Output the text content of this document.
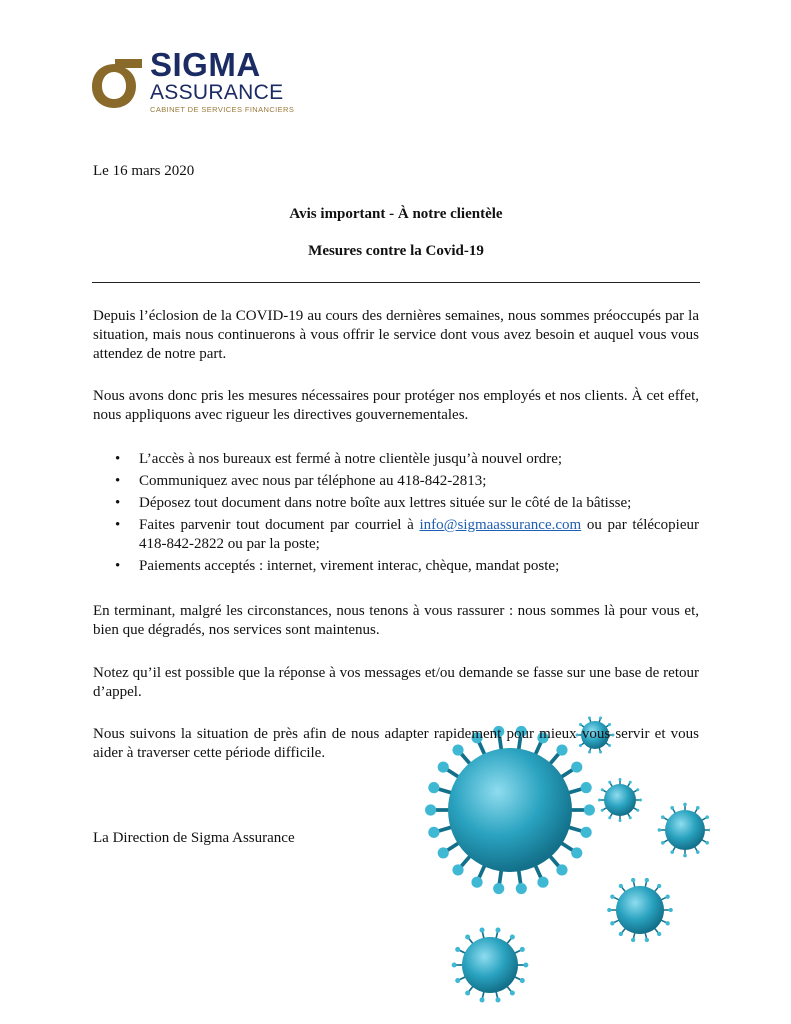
SIGMA
ASSURANCE
CABINET DE SERVICES FINANCIERS
Le 16 mars 2020
Avis important - À notre clientèle
Mesures contre la Covid-19

Depuis l’éclosion de la COVID-19 au cours des dernières semaines, nous sommes préoccupés par la situation, mais nous continuerons à vous offrir le service dont vous avez besoin et auquel vous vous attendez de notre part.

Nous avons donc pris les mesures nécessaires pour protéger nos employés et nos clients. À cet effet, nous appliquons avec rigueur les directives gouvernementales.

• L’accès à nos bureaux est fermé à notre clientèle jusqu’à nouvel ordre;
• Communiquez avec nous par téléphone au 418-842-2813;
• Déposez tout document dans notre boîte aux lettres située sur le côté de la bâtisse;
• Faites parvenir tout document par courriel à info@sigmaassurance.com ou par télécopieur 418-842-2822 ou par la poste;
• Paiements acceptés : internet, virement interac, chèque, mandat poste;

En terminant, malgré les circonstances, nous tenons à vous rassurer : nous sommes là pour vous et, bien que dégradés, nos services sont maintenus.

Notez qu’il est possible que la réponse à vos messages et/ou demande se fasse sur une base de retour d’appel.

Nous suivons la situation de près afin de nous adapter rapidement pour mieux vous servir et vous aider à traverser cette période difficile.

La Direction de Sigma Assurance
